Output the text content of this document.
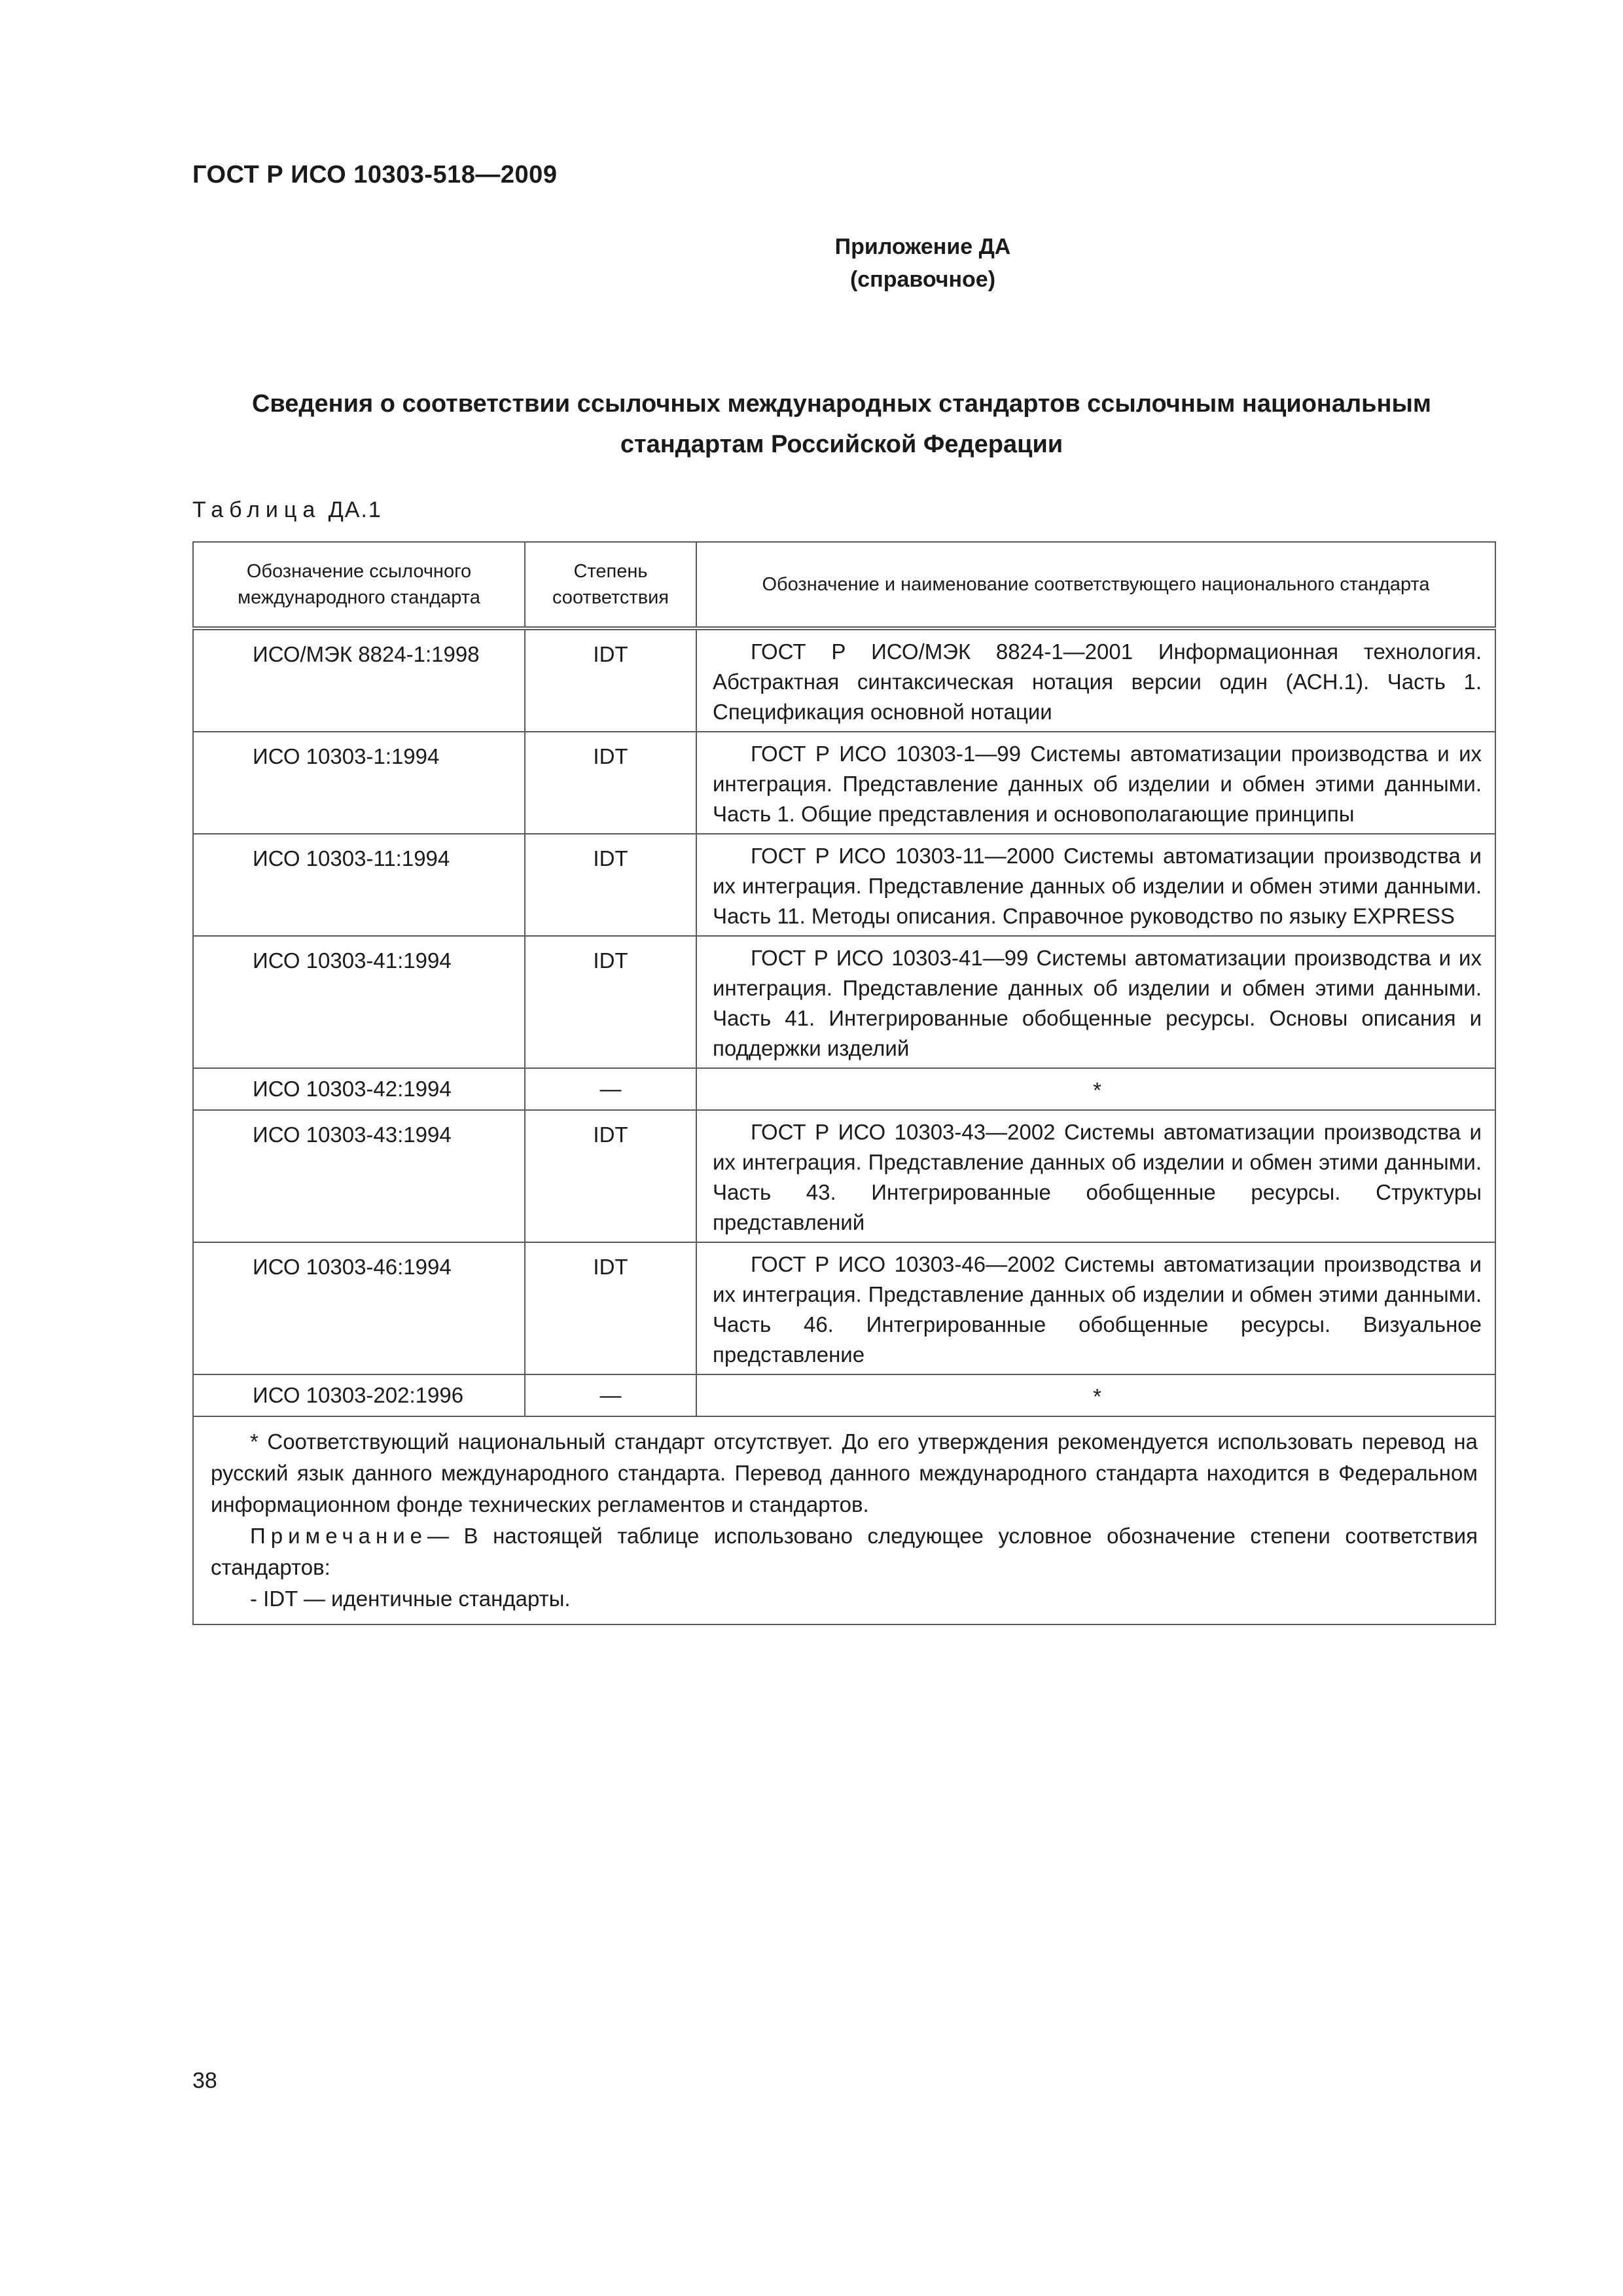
ГОСТ Р ИСО 10303-518—2009
Приложение ДА
(справочное)
Сведения о соответствии ссылочных международных стандартов ссылочным национальным
стандартам Российской Федерации
Таблица ДА.1
Обозначение ссылочного международного стандарта	Степень соответствия	Обозначение и наименование соответствующего национального стандарта
ИСО/МЭК 8824-1:1998	IDT	ГОСТ Р ИСО/МЭК 8824-1—2001 Информационная технология. Абстрактная синтаксическая нотация версии один (АСН.1). Часть 1. Спецификация основной нотации
ИСО 10303-1:1994	IDT	ГОСТ Р ИСО 10303-1—99 Системы автоматизации производства и их интеграция. Представление данных об изделии и обмен этими данными. Часть 1. Общие представления и основополагающие принципы
ИСО 10303-11:1994	IDT	ГОСТ Р ИСО 10303-11—2000 Системы автоматизации производства и их интеграция. Представление данных об изделии и обмен этими данными. Часть 11. Методы описания. Справочное руководство по языку EXPRESS
ИСО 10303-41:1994	IDT	ГОСТ Р ИСО 10303-41—99 Системы автоматизации производства и их интеграция. Представление данных об изделии и обмен этими данными. Часть 41. Интегрированные обобщенные ресурсы. Основы описания и поддержки изделий
ИСО 10303-42:1994	—	*
ИСО 10303-43:1994	IDT	ГОСТ Р ИСО 10303-43—2002 Системы автоматизации производства и их интеграция. Представление данных об изделии и обмен этими данными. Часть 43. Интегрированные обобщенные ресурсы. Структуры представлений
ИСО 10303-46:1994	IDT	ГОСТ Р ИСО 10303-46—2002 Системы автоматизации производства и их интеграция. Представление данных об изделии и обмен этими данными. Часть 46. Интегрированные обобщенные ресурсы. Визуальное представление
ИСО 10303-202:1996	—	*

* Соответствующий национальный стандарт отсутствует. До его утверждения рекомендуется использовать перевод на русский язык данного международного стандарта. Перевод данного международного стандарта находится в Федеральном информационном фонде технических регламентов и стандартов.

Примечание— В настоящей таблице использовано следующее условное обозначение степени соответствия стандартов:

- IDT — идентичные стандарты.		

38
